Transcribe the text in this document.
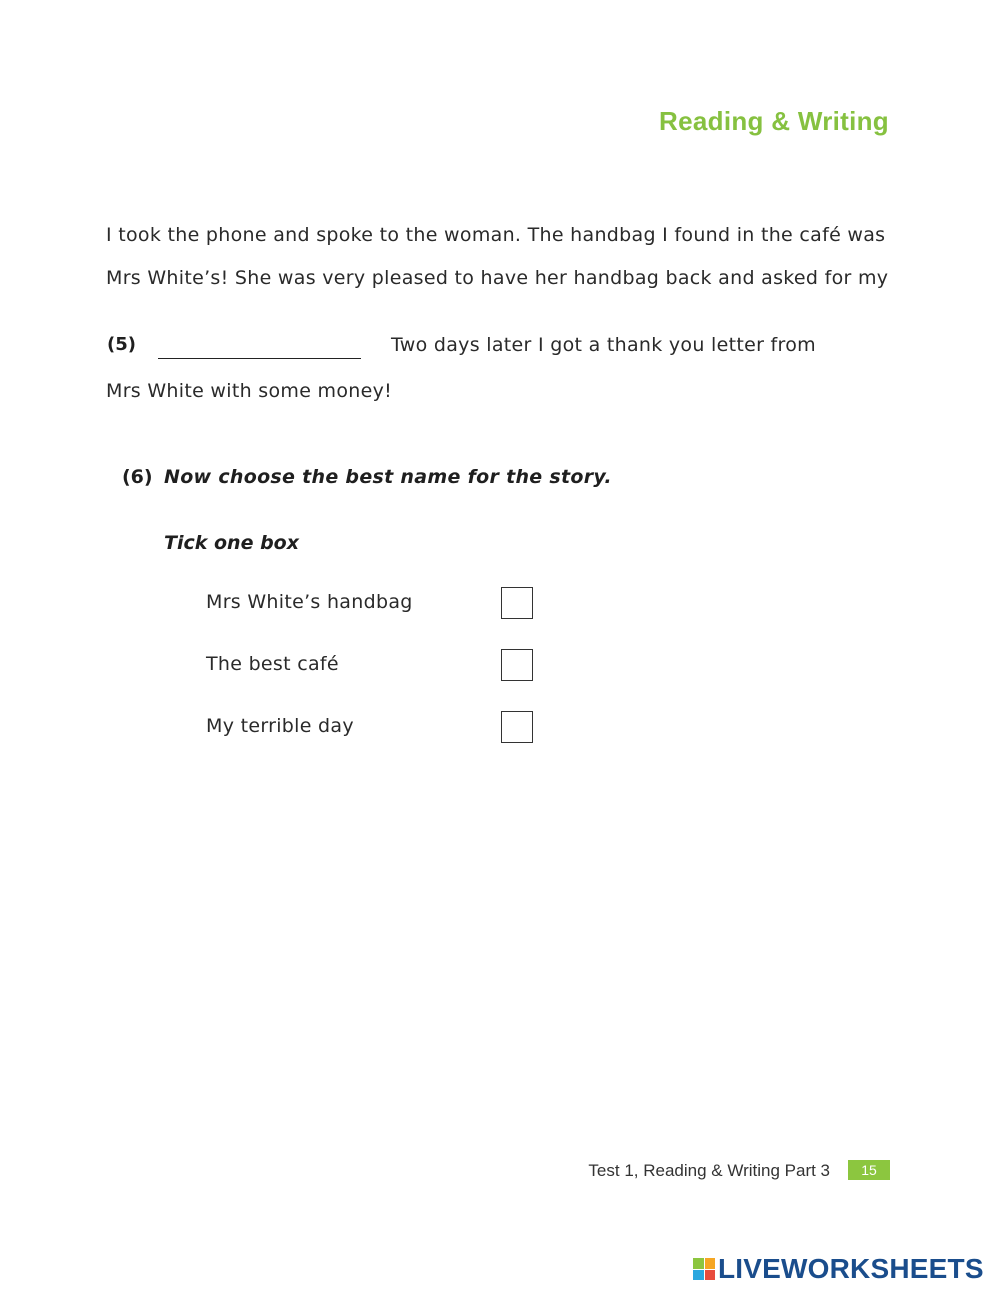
Reading & Writing
I took the phone and spoke to the woman. The handbag I found in the café was
Mrs White’s! She was very pleased to have her handbag back and asked for my
(5)	Two days later I got a thank you letter from
Mrs White with some money!
(6) Now choose the best name for the story.
Tick one box
Mrs White’s handbag
The best café
My terrible day
Test 1, Reading & Writing Part 3	15
LIVEWORKSHEETS
